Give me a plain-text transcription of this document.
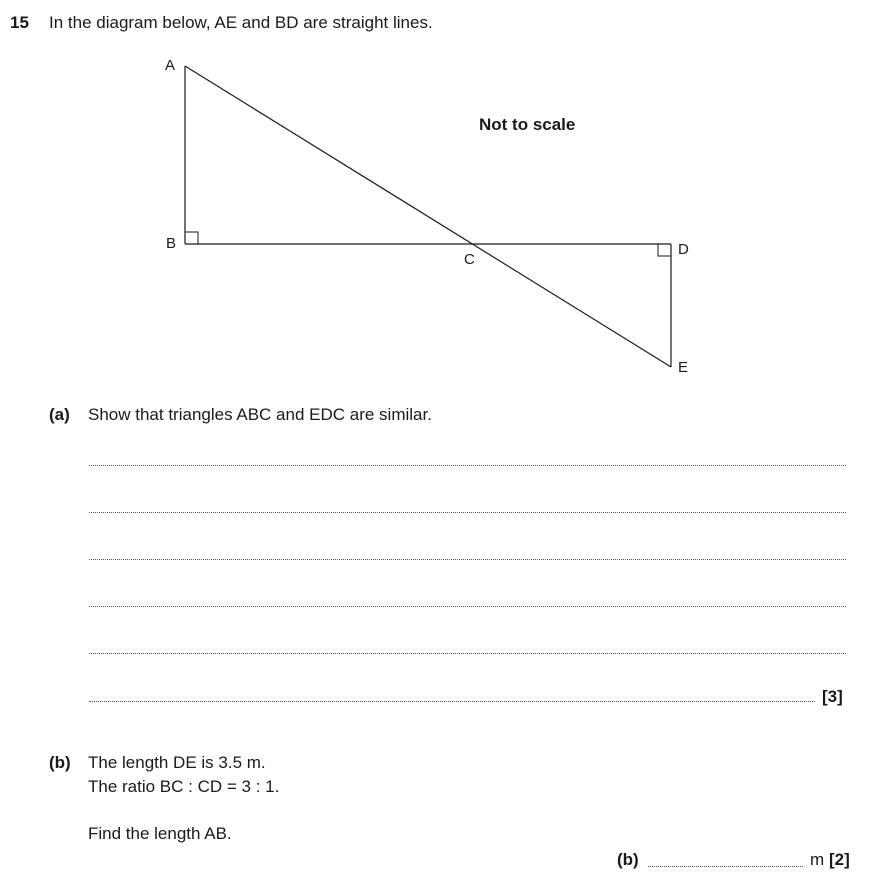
15 In the diagram below, AE and BD are straight lines.
A
B
C
D
E
Not to scale
(a) Show that triangles ABC and EDC are similar.
[3]
(b) The length DE is 3.5 m.
The ratio BC : CD = 3 : 1.
Find the length AB.
(b)	m [2]
